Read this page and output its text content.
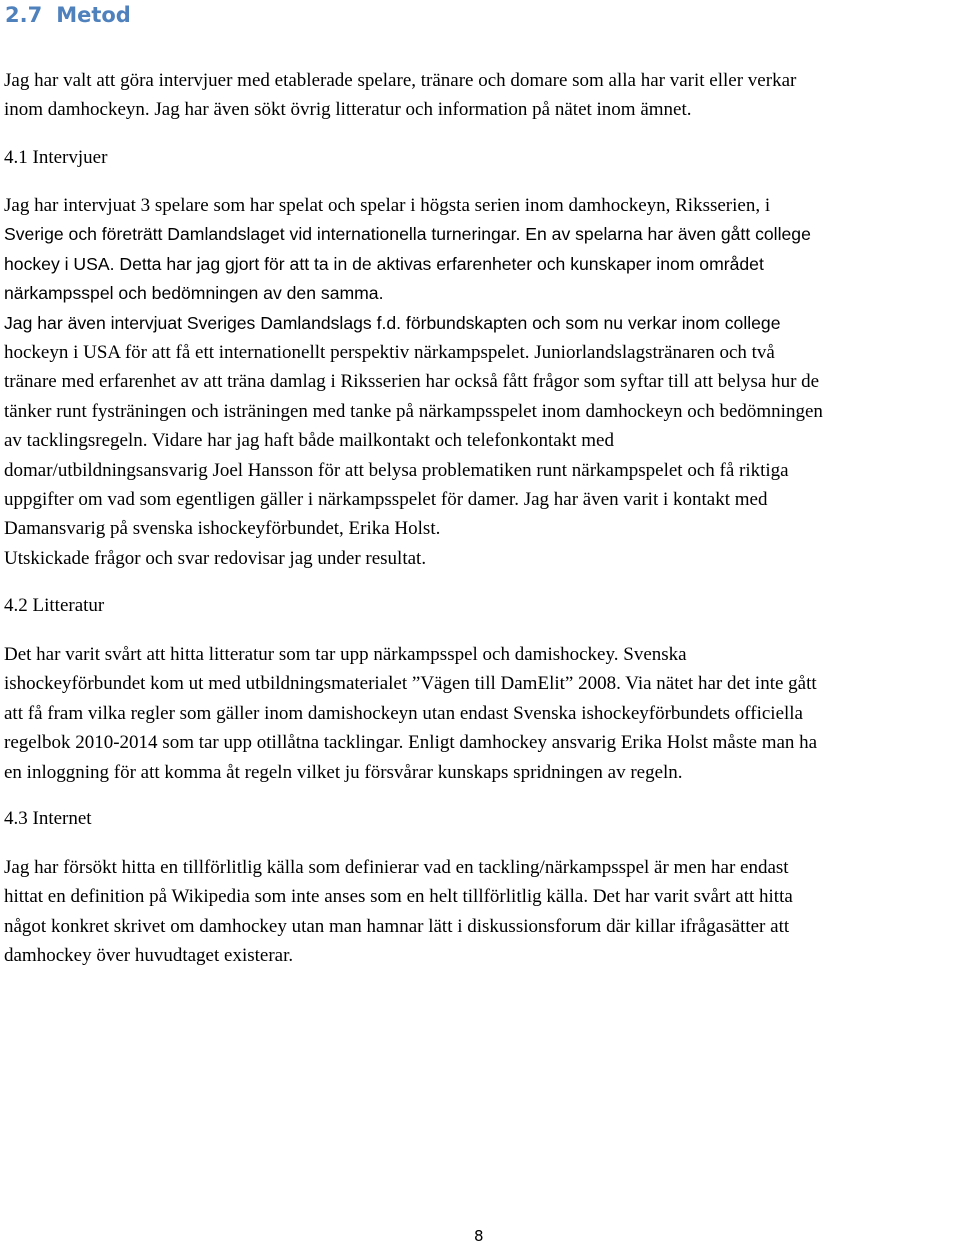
2.7 Metod
Jag har valt att göra intervjuer med etablerade spelare, tränare och domare som alla har varit eller verkar
inom damhockeyn. Jag har även sökt övrig litteratur och information på nätet inom ämnet.
4.1 Intervjuer
Jag har intervjuat 3 spelare som har spelat och spelar i högsta serien inom damhockeyn, Riksserien, i
Sverige och företrätt Damlandslaget vid internationella turneringar. En av spelarna har även gått college
hockey i USA. Detta har jag gjort för att ta in de aktivas erfarenheter och kunskaper inom området
närkampsspel och bedömningen av den samma.
Jag har även intervjuat Sveriges Damlandslags f.d. förbundskapten och som nu verkar inom college
hockeyn i USA för att få ett internationellt perspektiv närkampspelet. Juniorlandslagstränaren och två
tränare med erfarenhet av att träna damlag i Riksserien har också fått frågor som syftar till att belysa hur de
tänker runt fysträningen och isträningen med tanke på närkampsspelet inom damhockeyn och bedömningen
av tacklingsregeln. Vidare har jag haft både mailkontakt och telefonkontakt med
domar/utbildningsansvarig Joel Hansson för att belysa problematiken runt närkampspelet och få riktiga
uppgifter om vad som egentligen gäller i närkampsspelet för damer. Jag har även varit i kontakt med
Damansvarig på svenska ishockeyförbundet, Erika Holst.
Utskickade frågor och svar redovisar jag under resultat.
4.2 Litteratur
Det har varit svårt att hitta litteratur som tar upp närkampsspel och damishockey. Svenska
ishockeyförbundet kom ut med utbildningsmaterialet ”Vägen till DamElit” 2008. Via nätet har det inte gått
att få fram vilka regler som gäller inom damishockeyn utan endast Svenska ishockeyförbundets officiella
regelbok 2010-2014 som tar upp otillåtna tacklingar. Enligt damhockey ansvarig Erika Holst måste man ha
en inloggning för att komma åt regeln vilket ju försvårar kunskaps spridningen av regeln.
4.3 Internet
Jag har försökt hitta en tillförlitlig källa som definierar vad en tackling/närkampsspel är men har endast
hittat en definition på Wikipedia som inte anses som en helt tillförlitlig källa. Det har varit svårt att hitta
något konkret skrivet om damhockey utan man hamnar lätt i diskussionsforum där killar ifrågasätter att
damhockey över huvudtaget existerar.
8
